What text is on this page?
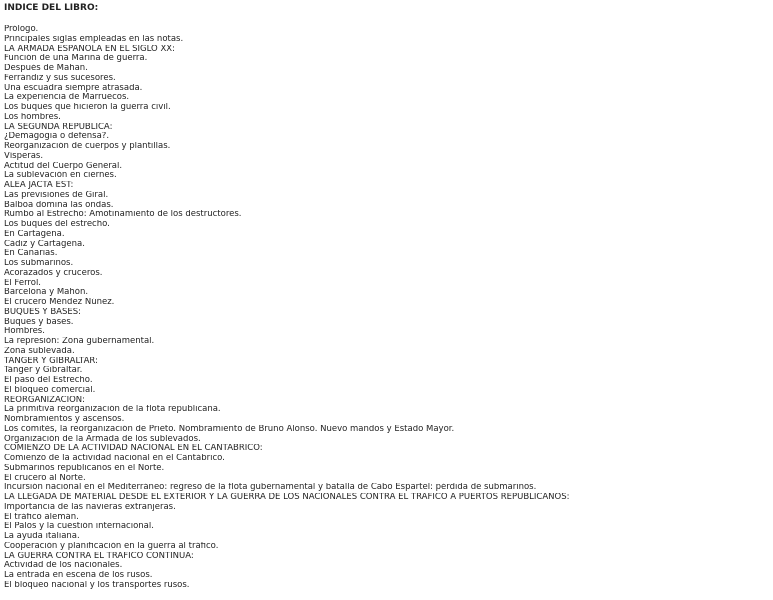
INDICE DEL LIBRO:
Prólogo.
Principales siglas empleadas en las notas.
LA ARMADA ESPAÑOLA EN EL SIGLO XX:
Función de una Marina de guerra.
Después de Mahan.
Ferrándiz y sus sucesores.
Una escuadra siempre atrasada.
La experiencia de Marruecos.
Los buques que hicieron la guerra civil.
Los hombres.
LA SEGUNDA REPUBLICA:
¿Demagogia o defensa?.
Reorganización de cuerpos y plantillas.
Vísperas.
Actitud del Cuerpo General.
La sublevación en ciernes.
ALEA JACTA EST:
Las previsiones de Giral.
Balboa domina las ondas.
Rumbo al Estrecho: Amotinamiento de los destructores.
Los buques del estrecho.
En Cartagena.
Cádiz y Cartagena.
En Canarias.
Los submarinos.
Acorazados y cruceros.
El Ferrol.
Barcelona y Mahón.
El crucero Méndez Núñez.
BUQUES Y BASES:
Buques y bases.
Hombres.
La represión: Zona gubernamental.
Zona sublevada.
TANGER Y GIBRALTAR:
Tánger y Gibraltar.
El paso del Estrecho.
El bloqueo comercial.
REORGANIZACION:
La primitiva reorganización de la flota republicana.
Nombramientos y ascensos.
Los comités, la reorganización de Prieto. Nombramiento de Bruno Alonso. Nuevo mandos y Estado Mayor.
Organización de la Armada de los sublevados.
COMIENZO DE LA ACTIVIDAD NACIONAL EN EL CANTABRICO:
Comienzo de la actividad nacional en el Cantábrico.
Submarinos republicanos en el Norte.
El crucero al Norte.
Incursión nacional en el Mediterráneo: regreso de la flota gubernamental y batalla de Cabo Espartel: pérdida de submarinos.
LA LLEGADA DE MATERIAL DESDE EL EXTERIOR Y LA GUERRA DE LOS NACIONALES CONTRA EL TRAFICO A PUERTOS REPUBLICANOS:
Importancia de las navieras extranjeras.
El tráfico alemán.
El Palos y la cuestión internacional.
La ayuda italiana.
Cooperación y planificación en la guerra al tráfico.
LA GUERRA CONTRA EL TRAFICO CONTINUA:
Actividad de los nacionales.
La entrada en escena de los rusos.
El bloqueo nacional y los transportes rusos.
